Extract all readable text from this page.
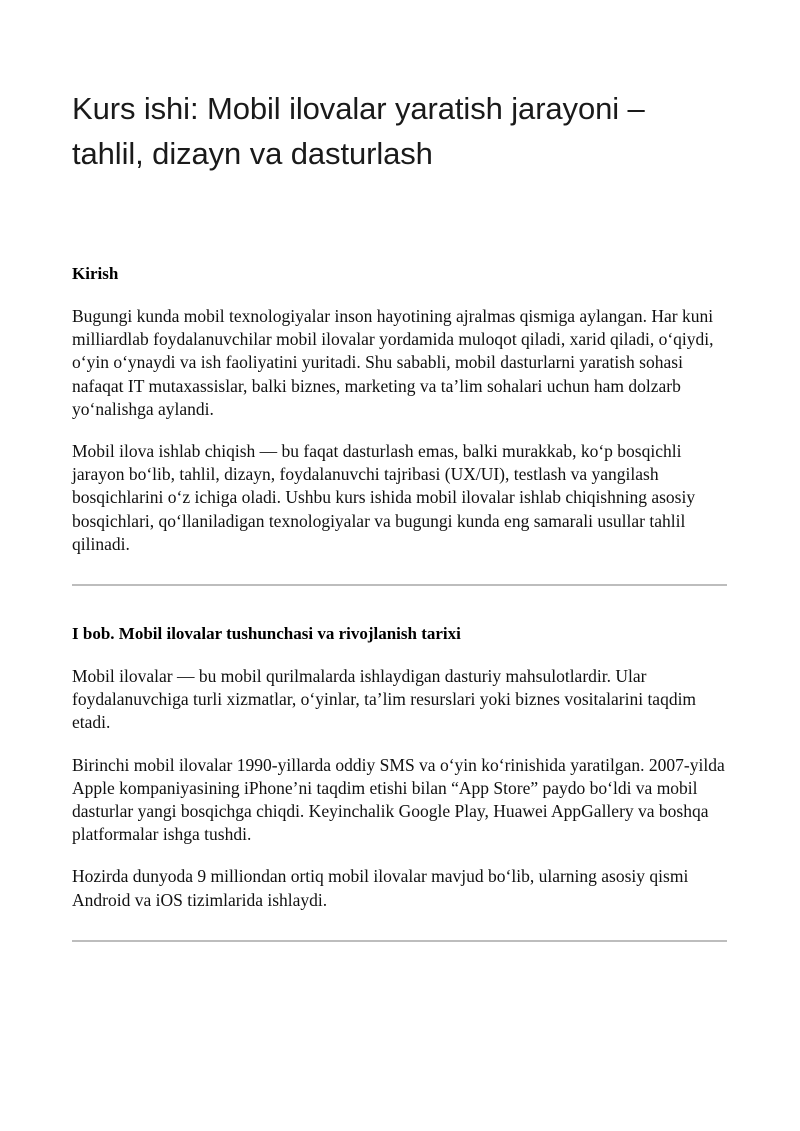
Kurs ishi: Mobil ilovalar yaratish jarayoni – tahlil, dizayn va dasturlash

Kirish

Bugungi kunda mobil texnologiyalar inson hayotining ajralmas qismiga aylangan. Har kuni milliardlab foydalanuvchilar mobil ilovalar yordamida muloqot qiladi, xarid qiladi, o‘qiydi, o‘yin o‘ynaydi va ish faoliyatini yuritadi. Shu sababli, mobil dasturlarni yaratish sohasi nafaqat IT mutaxassislar, balki biznes, marketing va ta’lim sohalari uchun ham dolzarb yo‘nalishga aylandi.

Mobil ilova ishlab chiqish — bu faqat dasturlash emas, balki murakkab, ko‘p bosqichli jarayon bo‘lib, tahlil, dizayn, foydalanuvchi tajribasi (UX/UI), testlash va yangilash bosqichlarini o‘z ichiga oladi. Ushbu kurs ishida mobil ilovalar ishlab chiqishning asosiy bosqichlari, qo‘llaniladigan texnologiyalar va bugungi kunda eng samarali usullar tahlil qilinadi.

I bob. Mobil ilovalar tushunchasi va rivojlanish tarixi

Mobil ilovalar — bu mobil qurilmalarda ishlaydigan dasturiy mahsulotlardir. Ular foydalanuvchiga turli xizmatlar, o‘yinlar, ta’lim resurslari yoki biznes vositalarini taqdim etadi.

Birinchi mobil ilovalar 1990-yillarda oddiy SMS va o‘yin ko‘rinishida yaratilgan. 2007-yilda Apple kompaniyasining iPhone’ni taqdim etishi bilan “App Store” paydo bo‘ldi va mobil dasturlar yangi bosqichga chiqdi. Keyinchalik Google Play, Huawei AppGallery va boshqa platformalar ishga tushdi.

Hozirda dunyoda 9 milliondan ortiq mobil ilovalar mavjud bo‘lib, ularning asosiy qismi Android va iOS tizimlarida ishlaydi.
